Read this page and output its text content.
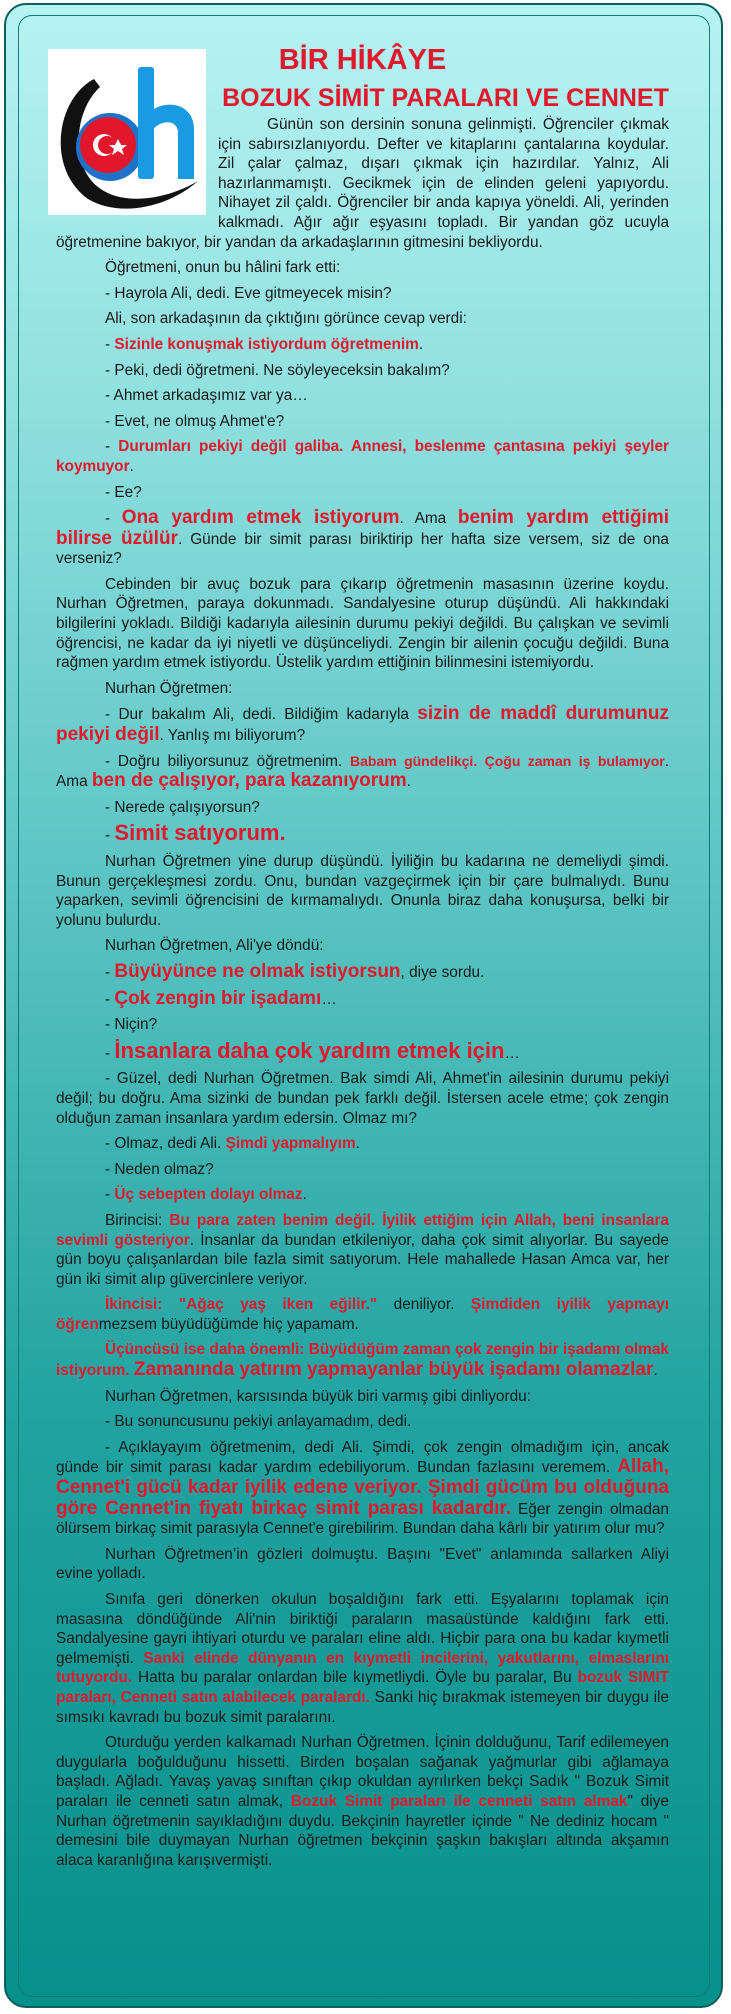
BİR HİKÂYE
BOZUK SİMİT PARALARI VE CENNET

Günün son dersinin sonuna gelinmişti. Öğrenciler çıkmak için sabırsızlanıyordu. Defter ve kitaplarını çantalarına koydular. Zil çalar çalmaz, dışarı çıkmak için hazırdılar. Yalnız, Ali hazırlanmamıştı. Gecikmek için de elinden geleni yapıyordu. Nihayet zil çaldı. Öğrenciler bir anda kapıya yöneldi. Ali, yerinden kalkmadı. Ağır ağır eşyasını topladı. Bir yandan göz ucuyla öğretmenine bakıyor, bir yandan da arkadaşlarının gitmesini bekliyordu.

Öğretmeni, onun bu hâlini fark etti:

- Hayrola Ali, dedi. Eve gitmeyecek misin?

Ali, son arkadaşının da çıktığını görünce cevap verdi:

- Sizinle konuşmak istiyordum öğretmenim.

- Peki, dedi öğretmeni. Ne söyleyeceksin bakalım?

- Ahmet arkadaşımız var ya…

- Evet, ne olmuş Ahmet'e?

- Durumları pekiyi değil galiba. Annesi, beslenme çantasına pekiyi şeyler koymuyor.

- Ee?

- Ona yardım etmek istiyorum. Ama benim yardım ettiğimi bilirse üzülür. Günde bir simit parası biriktirip her hafta size versem, siz de ona verseniz?

Cebinden bir avuç bozuk para çıkarıp öğretmenin masasının üzerine koydu. Nurhan Öğretmen, paraya dokunmadı. Sandalyesine oturup düşündü. Ali hakkındaki bilgilerini yokladı. Bildiği kadarıyla ailesinin durumu pekiyi değildi. Bu çalışkan ve sevimli öğrencisi, ne kadar da iyi niyetli ve düşünceliydi. Zengin bir ailenin çocuğu değildi. Buna rağmen yardım etmek istiyordu. Üstelik yardım ettiğinin bilinmesini istemiyordu.

Nurhan Öğretmen:

- Dur bakalım Ali, dedi. Bildiğim kadarıyla sizin de maddî durumunuz pekiyi değil. Yanlış mı biliyorum?

- Doğru biliyorsunuz öğretmenim. Babam gündelikçi. Çoğu zaman iş bulamıyor. Ama ben de çalışıyor, para kazanıyorum.

- Nerede çalışıyorsun?

- Simit satıyorum.

Nurhan Öğretmen yine durup düşündü. İyiliğin bu kadarına ne demeliydi şimdi. Bunun gerçekleşmesi zordu. Onu, bundan vazgeçirmek için bir çare bulmalıydı. Bunu yaparken, sevimli öğrencisini de kırmamalıydı. Onunla biraz daha konuşursa, belki bir yolunu bulurdu.

Nurhan Öğretmen, Ali'ye döndü:

- Büyüyünce ne olmak istiyorsun, diye sordu.

- Çok zengin bir işadamı…

- Niçin?

- İnsanlara daha çok yardım etmek için…

- Güzel, dedi Nurhan Öğretmen. Bak simdi Ali, Ahmet'in ailesinin durumu pekiyi değil; bu doğru. Ama sizinki de bundan pek farklı değil. İstersen acele etme; çok zengin olduğun zaman insanlara yardım edersin. Olmaz mı?

- Olmaz, dedi Ali. Şimdi yapmalıyım.

- Neden olmaz?

- Üç sebepten dolayı olmaz.

Birincisi: Bu para zaten benim değil. İyilik ettiğim için Allah, beni insanlara sevimli gösteriyor. İnsanlar da bundan etkileniyor, daha çok simit alıyorlar. Bu sayede gün boyu çalışanlardan bile fazla simit satıyorum. Hele mahallede Hasan Amca var, her gün iki simit alıp güvercinlere veriyor.

İkincisi: "Ağaç yaş iken eğilir." deniliyor. Şimdiden iyilik yapmayı öğrenmezsem büyüdüğümde hiç yapamam.

Üçüncüsü ise daha önemli: Büyüdüğüm zaman çok zengin bir işadamı olmak istiyorum. Zamanında yatırım yapmayanlar büyük işadamı olamazlar.

Nurhan Öğretmen, karsısında büyük biri varmış gibi dinliyordu:

- Bu sonuncusunu pekiyi anlayamadım, dedi.

- Açıklayayım öğretmenim, dedi Ali. Şimdi, çok zengin olmadığım için, ancak günde bir simit parası kadar yardım edebiliyorum. Bundan fazlasını veremem. Allah, Cennet'i gücü kadar iyilik edene veriyor. Şimdi gücüm bu olduğuna göre Cennet'in fiyatı birkaç simit parası kadardır. Eğer zengin olmadan ölürsem birkaç simit parasıyla Cennet'e girebilirim. Bundan daha kârlı bir yatırım olur mu?

Nurhan Öğretmen’in gözleri dolmuştu. Başını "Evet" anlamında sallarken Aliyi evine yolladı.

Sınıfa geri dönerken okulun boşaldığını fark etti. Eşyalarını toplamak için masasına döndüğünde Ali'nin biriktiği paraların masaüstünde kaldığını fark etti. Sandalyesine gayri ihtiyari oturdu ve paraları eline aldı. Hiçbir para ona bu kadar kıymetli gelmemişti. Sanki elinde dünyanın en kıymetli incilerini, yakutlarını, elmaslarını tutuyordu. Hatta bu paralar onlardan bile kıymetliydi. Öyle bu paralar, Bu bozuk SIMIT paraları, Cenneti satın alabilecek paralardı. Sanki hiç bırakmak istemeyen bir duygu ile sımsıkı kavradı bu bozuk simit paralarını.

Oturduğu yerden kalkamadı Nurhan Öğretmen. İçinin dolduğunu, Tarif edilemeyen duygularla boğulduğunu hissetti. Birden boşalan sağanak yağmurlar gibi ağlamaya başladı. Ağladı. Yavaş yavaş sınıftan çıkıp okuldan ayrılırken bekçi Sadık " Bozuk Simit paraları ile cenneti satın almak, Bozuk Simit paraları ile cenneti satın almak" diye Nurhan öğretmenin sayıkladığını duydu. Bekçinin hayretler içinde " Ne dediniz hocam " demesini bile duymayan Nurhan öğretmen bekçinin şaşkın bakışları altında akşamın alaca karanlığına karışıvermişti.
